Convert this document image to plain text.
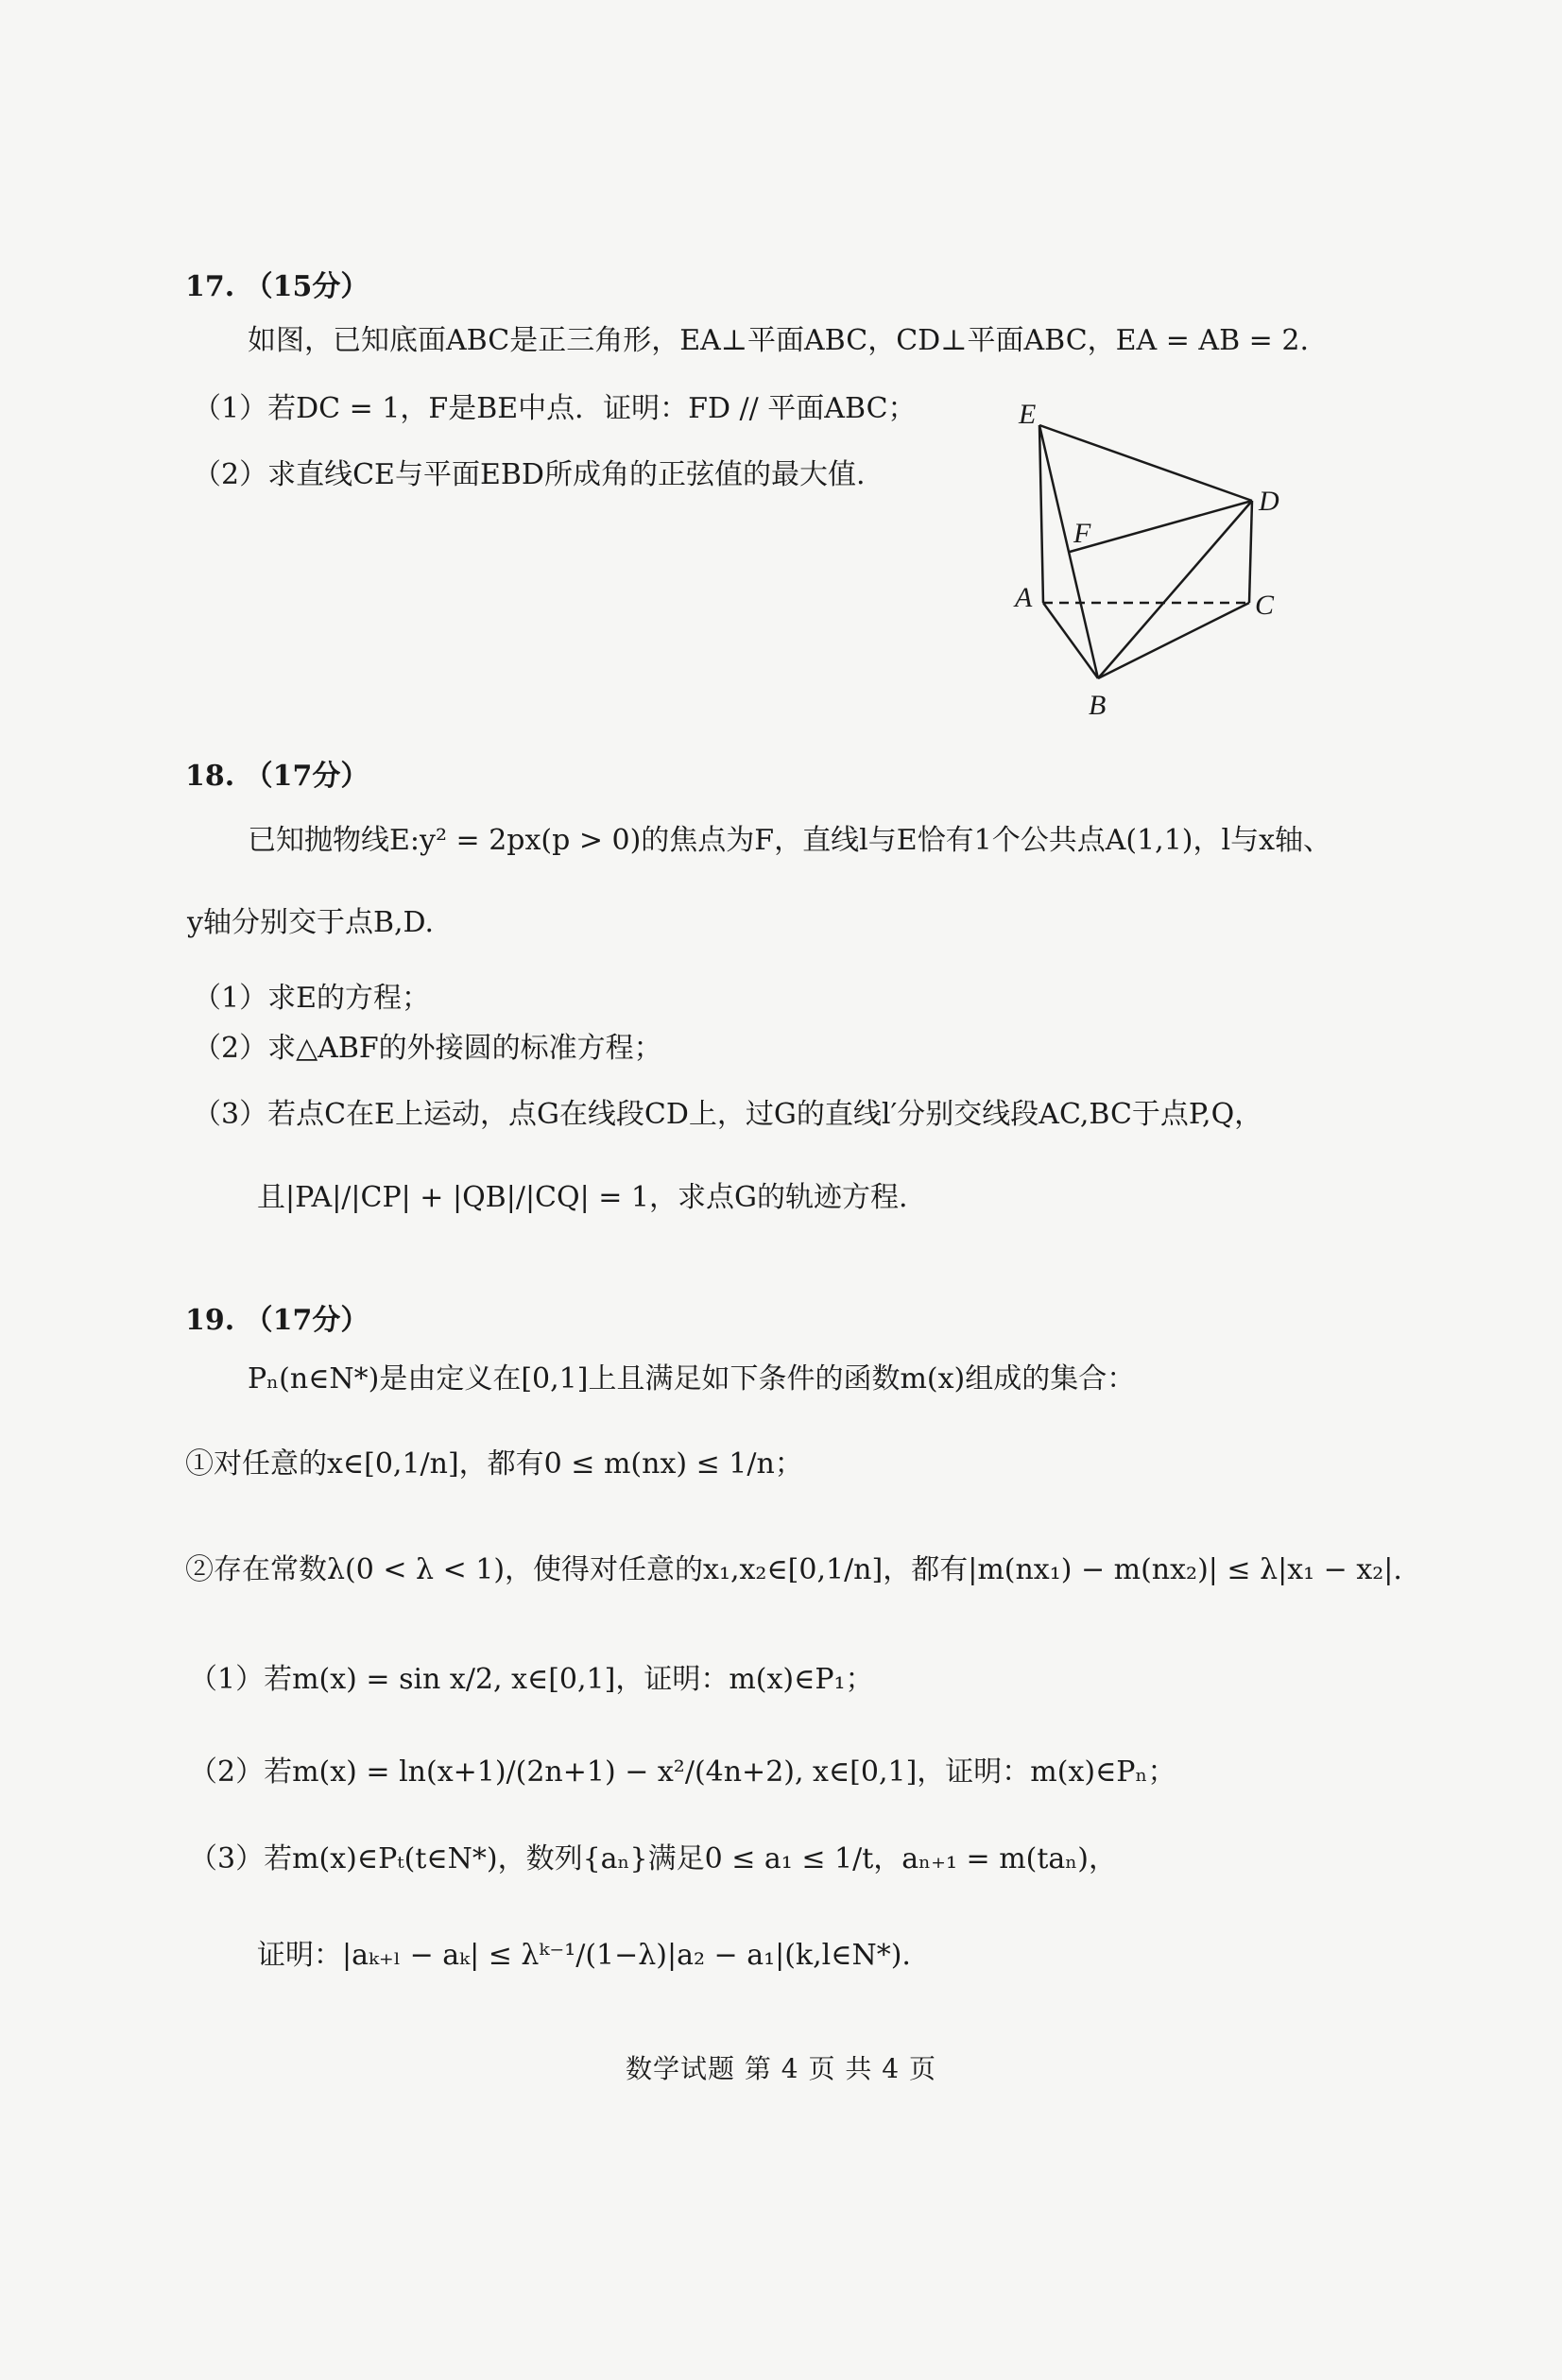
17. （15分）
如图，已知底面ABC是正三角形，EA⊥平面ABC，CD⊥平面ABC，EA = AB = 2.
（1）若DC = 1，F是BE中点．证明：FD // 平面ABC；
（2）求直线CE与平面EBD所成角的正弦值的最大值.
E
D
F
A	C
B
18. （17分）
已知抛物线E:y² = 2px(p > 0)的焦点为F，直线l与E恰有1个公共点A(1,1)，l与x轴、
y轴分别交于点B,D.
（1）求E的方程；
（2）求△ABF的外接圆的标准方程；
（3）若点C在E上运动，点G在线段CD上，过G的直线l′分别交线段AC,BC于点P,Q，
且|PA|/|CP| + |QB|/|CQ| = 1，求点G的轨迹方程.
19. （17分）
Pₙ(n∈N*)是由定义在[0,1]上且满足如下条件的函数m(x)组成的集合：
①对任意的x∈[0,1/n]，都有0 ≤ m(nx) ≤ 1/n；
②存在常数λ(0 < λ < 1)，使得对任意的x₁,x₂∈[0,1/n]，都有|m(nx₁) − m(nx₂)| ≤ λ|x₁ − x₂|.
（1）若m(x) = sin x/2, x∈[0,1]，证明：m(x)∈P₁；
（2）若m(x) = ln(x+1)/(2n+1) − x²/(4n+2), x∈[0,1]，证明：m(x)∈Pₙ；
（3）若m(x)∈Pₜ(t∈N*)，数列{aₙ}满足0 ≤ a₁ ≤ 1/t，aₙ₊₁ = m(taₙ)，
证明：|aₖ₊ₗ − aₖ| ≤ λᵏ⁻¹/(1−λ)|a₂ − a₁|(k,l∈N*).
数学试题 第 4 页 共 4 页
